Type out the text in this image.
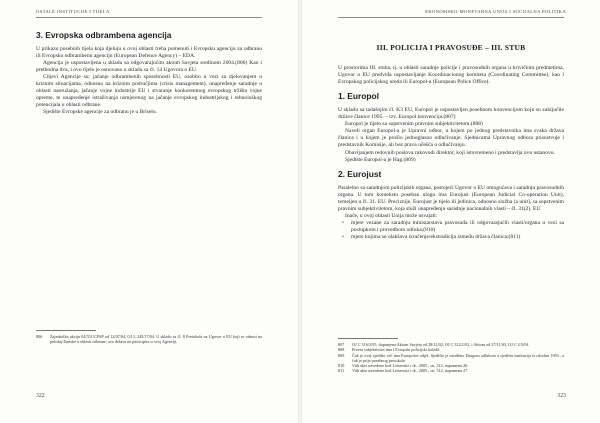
OSTALE INSTITUCIJE I TIJELA
3. Evropska odbrambena agencija

U prikazu posebnih tijela koja djeluju u ovoj oblasti treba pomenuti i Evropsku agenciju za odbranu ili Evropsku odbrambenu agenciju (European Defence Agency) – EDA.

Agencija je uspostavljena u skladu sa odgovarajućim aktom Savjeta sredinom 2004.(806) Kao i prethodna dva, i ovo tijelo je osnovano u skladu sa čl. 14 Ugovora o EU.

Ciljevi Agencije su: jačanje odbrambenih sposobnosti EU, osobito u vezi sa djelovanjem u kriznim situacijama, odnosno na kriznim područjima (crisis management), unapređenje saradnje u oblasti naoružanja, jačanje vojne industrije EU i stvaranje konkurentnog evropskog tržišta vojne opreme, te unapređenje istraživanja usmjerenog na jačanje evropskog industrijskog i tehnološkog potencijala u oblasti odbrane.

Sjedište Evropske agencije za odbranu je u Briselu.

806	Zajednička akcija 04/551/CFSP od 12/07/04, OJ L 245/17/04. U skladu sa čl. 8 Protokola uz Ugovor o EU koji se odnosi na položaj Danske u oblasti odbrane, ova država ne participira u ovoj Agenciji.
322
EKONOMSKO-MONETARNA UNIJA I SOCIJALNA POLITIKA
III. POLICIJA I PRAVOSUĐE – III. STUB

U prostorima III. stuba, tj. u oblasti saradnje policije i pravosudnih organa u krivičnim predmetima, Ugovor o EU predviđa uspostavljanje Koordinacionog komiteta (Coordinating Committee), kao i Evropskog policijskog ureda ili Europol-a (European Police Office).

1. Europol

U skladu sa tadašnjim čl. K3 EU, Europol je uspostavljen posebnom konvencijom koju su zaključile države članice 1995. – tzv. Europol konvencija.(807)

Europol je tijelo sa sopstvenim pravnim subjektivitetom.(808)

Naveli organ Europol-a je Upravni odbor, u kojem po jednog predstavnika ima svaka država članica i u kojem je prošlo jednoglasno odlučivanje. Sjednicama Upravnog odbora prisustvuje i predstavnik Komisije, ali bez prava učešća u odlučivanju.

Obavljanjem redovnih poslova rukovodi direktor, koji istovremeno i predstavlja ovu ustanovu.

Sjedište Europol-a je Hag.(809)

2. Eurojust

Paralelno sa saradnjom policijskih organa, postojeći Ugovor o EU omogućava i saradnju pravosudnih organa. U tom kontekstu poseban ulogu ima Eurojust (European Judicial Co-operation Unit), temeljen u čl. 31. EU. Preciznije, Eurojust je tijelo ili jedinica, odnosno služba (a unit), sa sopstvenim pravnim subjektivitetom, koja služi unapređenju saradnje nacionalnih vlasti – čl. 31(2), EU.

Inače, u ovoj oblasti Unija može usvajati:

• mjere vezane za saradnju ministarstava pravosuđa ili odgovarajućih vlasti/organa u vezi sa postupkom i provedbom odluka;(810)
• mjere kojima se olakšava izručenje/ekstradicija između država članica;(811)
807	OJ C 316/2/95. dopunjena Aktom Savjeta od 28/11/02, OJ C 312/1/02, i Aktom od 27/11/03, OJ C 2/3/04.
808	Pravni subjektivitet ima i Evropski policijski koledž.
809	Čak je ovaj sjedište već ima Europolov odjel. Sjedište je utvrđeno Drugom odlukom o sjedištu institucija iz oktobra 1993., a čak je prije posebnog protokola.
810	Vidi akte navedene kod Leiseroitz i dr., 2005., str. 312, napomena 26.
811	Vidi akte navedene kod Leiseroitz i dr., 2005., str. 312, napomena 27.
323
